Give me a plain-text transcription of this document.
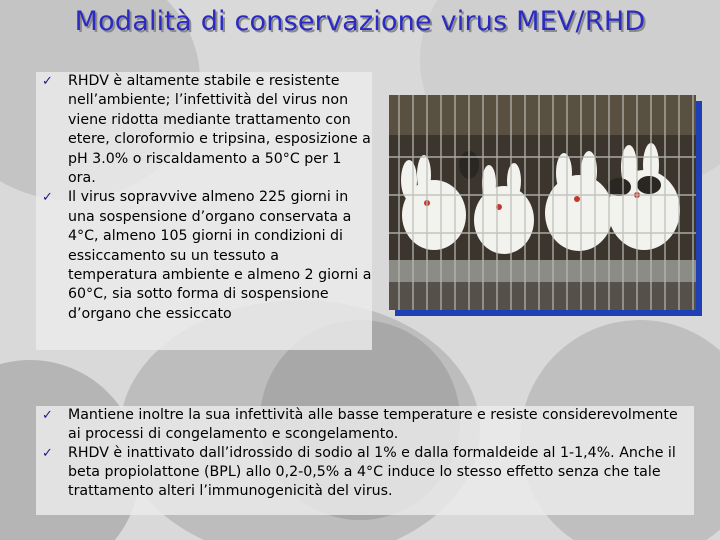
Modalità di conservazione virus MEV/RHD
✓ RHDV è altamente stabile e resistente nell’ambiente; l’infettività del virus non viene ridotta mediante trattamento con etere, cloroformio e tripsina, esposizione a pH 3.0% o riscaldamento a 50°C per 1 ora.
✓ Il virus sopravvive almeno 225 giorni in una sospensione d’organo conservata a 4°C, almeno 105 giorni in condizioni di essiccamento su un tessuto a temperatura ambiente e almeno 2 giorni a 60°C, sia sotto forma di sospensione d’organo che essiccato
✓ Mantiene inoltre la sua infettività alle basse temperature e resiste considerevolmente ai processi di congelamento e scongelamento.
✓ RHDV è inattivato dall’idrossido di sodio al 1% e dalla formaldeide al 1-1,4%. Anche il beta propiolattone (BPL) allo 0,2-0,5% a 4°C induce lo stesso effetto senza che tale trattamento alteri l’immunogenicità del virus.
